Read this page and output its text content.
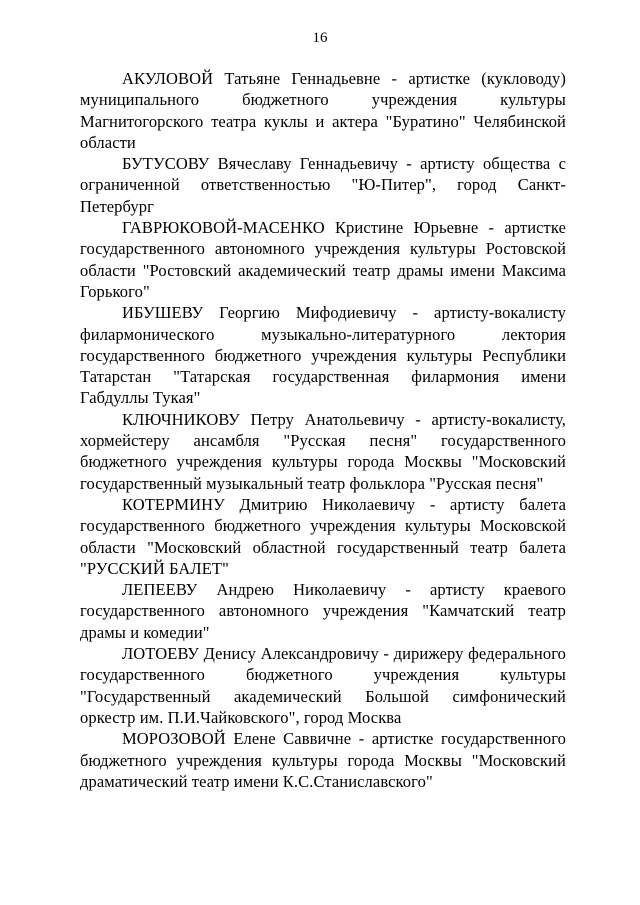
16

АКУЛОВОЙ Татьяне Геннадьевне - артистке (кукловоду) муниципального бюджетного учреждения культуры Магнитогорского театра куклы и актера "Буратино" Челябинской области

БУТУСОВУ Вячеславу Геннадьевичу - артисту общества с ограниченной ответственностью "Ю-Питер", город Санкт-Петербург

ГАВРЮКОВОЙ-МАСЕНКО Кристине Юрьевне - артистке государственного автономного учреждения культуры Ростовской области "Ростовский академический театр драмы имени Максима Горького"

ИБУШЕВУ Георгию Мифодиевичу - артисту-вокалисту филармонического музыкально-литературного лектория государственного бюджетного учреждения культуры Республики Татарстан "Татарская государственная филармония имени Габдуллы Тукая"

КЛЮЧНИКОВУ Петру Анатольевичу - артисту-вокалисту, хормейстеру ансамбля "Русская песня" государственного бюджетного учреждения культуры города Москвы "Московский государственный музыкальный театр фольклора "Русская песня"

КОТЕРМИНУ Дмитрию Николаевичу - артисту балета государственного бюджетного учреждения культуры Московской области "Московский областной государственный театр балета "РУССКИЙ БАЛЕТ"

ЛЕПЕЕВУ Андрею Николаевичу - артисту краевого государственного автономного учреждения "Камчатский театр драмы и комедии"

ЛОТОЕВУ Денису Александровичу - дирижеру федерального государственного бюджетного учреждения культуры "Государственный академический Большой симфонический оркестр им. П.И.Чайковского", город Москва

МОРОЗОВОЙ Елене Саввичне - артистке государственного бюджетного учреждения культуры города Москвы "Московский драматический театр имени К.С.Станиславского"
